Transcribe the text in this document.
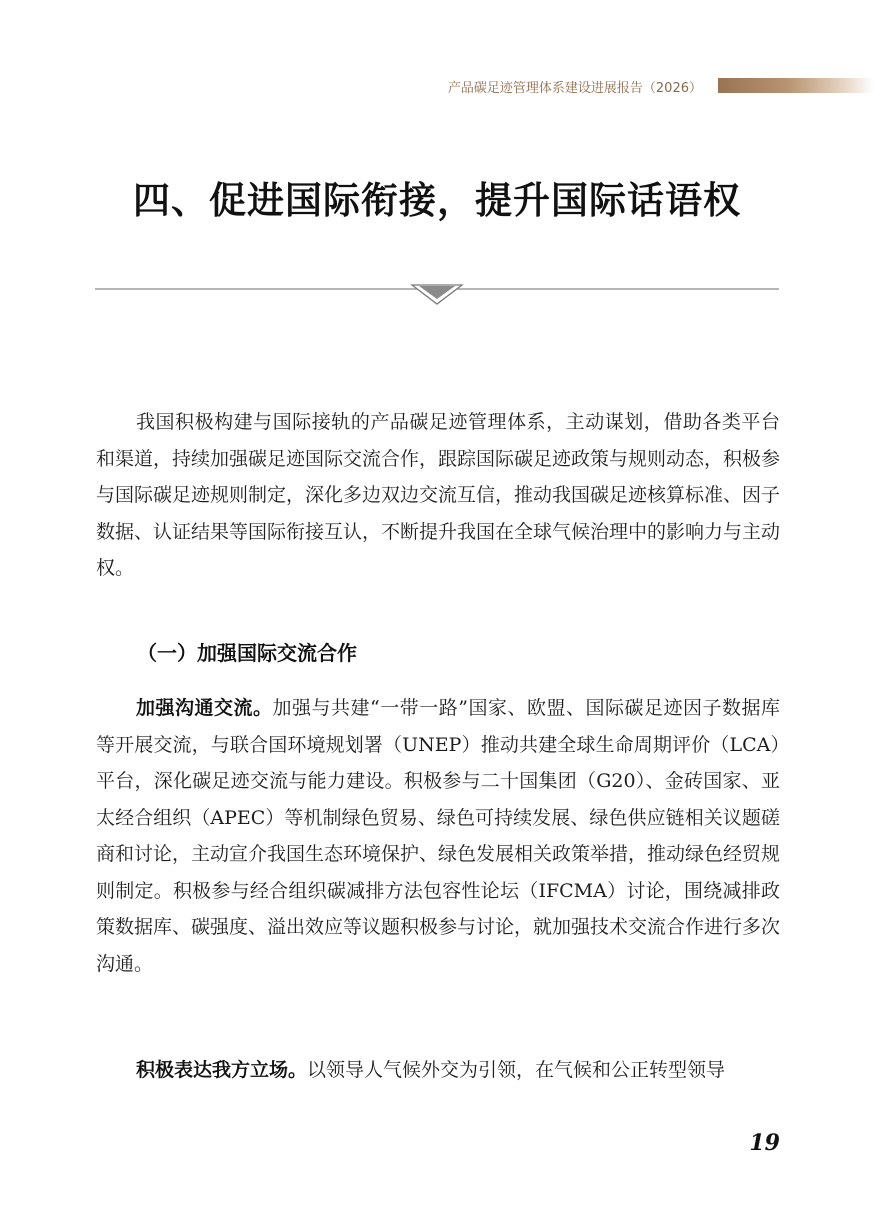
产品碳足迹管理体系建设进展报告（2026）
四、促进国际衔接，提升国际话语权

我国积极构建与国际接轨的产品碳足迹管理体系，主动谋划，借助各类平台和渠道，持续加强碳足迹国际交流合作，跟踪国际碳足迹政策与规则动态，积极参与国际碳足迹规则制定，深化多边双边交流互信，推动我国碳足迹核算标准、因子数据、认证结果等国际衔接互认，不断提升我国在全球气候治理中的影响力与主动权。

（一）加强国际交流合作

加强沟通交流。加强与共建“一带一路”国家、欧盟、国际碳足迹因子数据库等开展交流，与联合国环境规划署（UNEP）推动共建全球生命周期评价（LCA）平台，深化碳足迹交流与能力建设。积极参与二十国集团（G20）、金砖国家、亚太经合组织（APEC）等机制绿色贸易、绿色可持续发展、绿色供应链相关议题磋商和讨论，主动宣介我国生态环境保护、绿色发展相关政策举措，推动绿色经贸规则制定。积极参与经合组织碳减排方法包容性论坛（IFCMA）讨论，围绕减排政策数据库、碳强度、溢出效应等议题积极参与讨论，就加强技术交流合作进行多次沟通。

积极表达我方立场。以领导人气候外交为引领，在气候和公正转型领导

19
